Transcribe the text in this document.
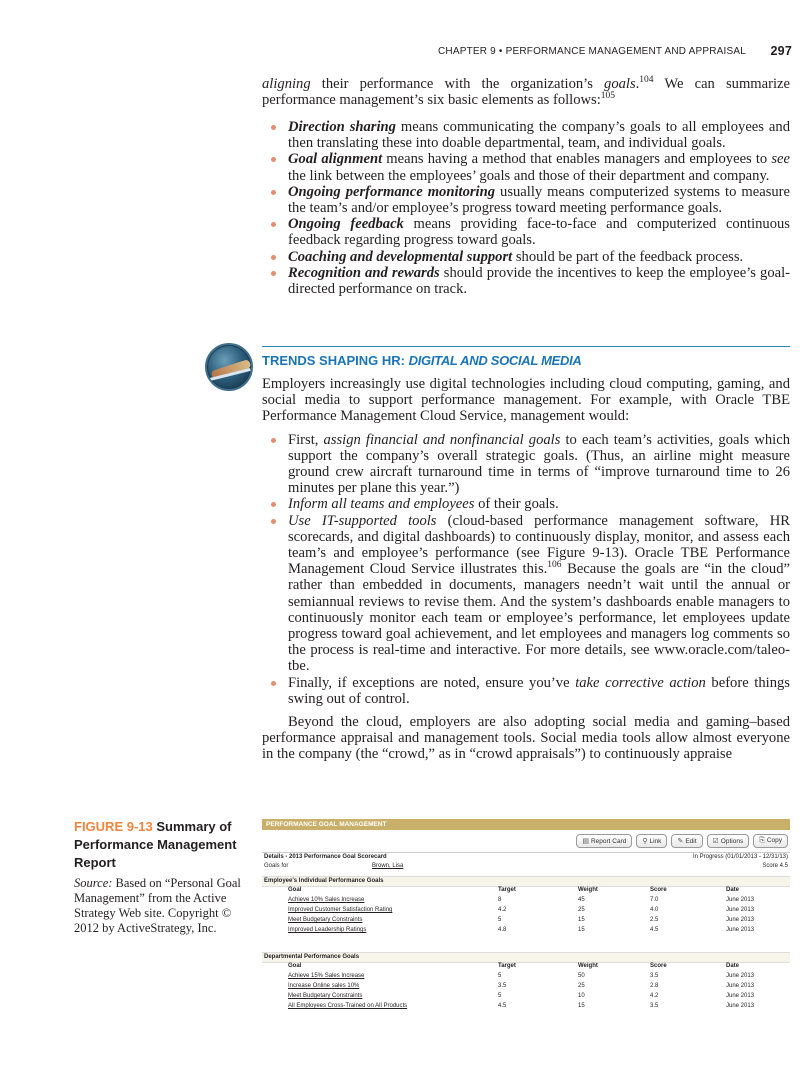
CHAPTER 9 • PERFORMANCE MANAGEMENT AND APPRAISAL 297

aligning their performance with the organization’s goals.$^{104}$ We can summarize performance management’s six basic elements as follows:$^{105}$

Direction sharing means communicating the company’s goals to all employees and then translating these into doable departmental, team, and individual goals.
Goal alignment means having a method that enables managers and employees to see the link between the employees’ goals and those of their department and company.
Ongoing performance monitoring usually means computerized systems to measure the team’s and/or employee’s progress toward meeting performance goals.
Ongoing feedback means providing face-to-face and computerized continuous feedback regarding progress toward goals.
Coaching and developmental support should be part of the feedback process.
Recognition and rewards should provide the incentives to keep the employee’s goal-directed performance on track.
TRENDS SHAPING HR: DIGITAL AND SOCIAL MEDIA

Employers increasingly use digital technologies including cloud computing, gaming, and social media to support performance management. For example, with Oracle TBE Performance Management Cloud Service, management would:

First, assign financial and nonfinancial goals to each team’s activities, goals which support the company’s overall strategic goals. (Thus, an airline might measure ground crew aircraft turnaround time in terms of “improve turnaround time to 26 minutes per plane this year.”)
Inform all teams and employees of their goals.
Use IT-supported tools (cloud-based performance management software, HR scorecards, and digital dashboards) to continuously display, monitor, and assess each team’s and employee’s performance (see Figure 9-13). Oracle TBE Performance Management Cloud Service illustrates this.$^{106}$ Because the goals are “in the cloud” rather than embedded in documents, managers needn’t wait until the annual or semiannual reviews to revise them. And the system’s dashboards enable managers to continuously monitor each team or employee’s performance, let employees update progress toward goal achievement, and let employees and managers log comments so the process is real-time and interactive. For more details, see www.oracle.com/taleo-tbe.
Finally, if exceptions are noted, ensure you’ve take corrective action before things swing out of control.

Beyond the cloud, employers are also adopting social media and gaming–based performance appraisal and management tools. Social media tools allow almost everyone in the company (the “crowd,” as in “crowd appraisals”) to continuously appraise

FIGURE 9-13 Summary of Performance Management Report
Source: Based on “Personal Goal Management” from the Active Strategy Web site. Copyright © 2012 by ActiveStrategy, Inc.
PERFORMANCE GOAL MANAGEMENT
▤ Report Card	⚲ Link	✎ Edit	☑ Options	⎘ Copy
Details - 2013 Performance Goal Scorecard	In Progress (01/01/2013 - 12/31/13)
Goals for	Brown, Lisa	Score 4.5
Employee's Individual Performance Goals
Goal	Target	Weight	Score	Date
Achieve 10% Sales Increase	8	45	7.0	June 2013
Improved Customer Satisfaction Rating	4.2	25	4.0	June 2013
Meet Budgetary Constraints	5	15	2.5	June 2013
Improved Leadership Ratings	4.8	15	4.5	June 2013
Departmental Performance Goals
Goal	Target	Weight	Score	Date
Achieve 15% Sales Increase	5	50	3.5	June 2013
Increase Online sales 10%	3.5	25	2.8	June 2013
Meet Budgetary Constraints	5	10	4.2	June 2013
All Employees Cross-Trained on All Products	4.5	15	3.5	June 2013
